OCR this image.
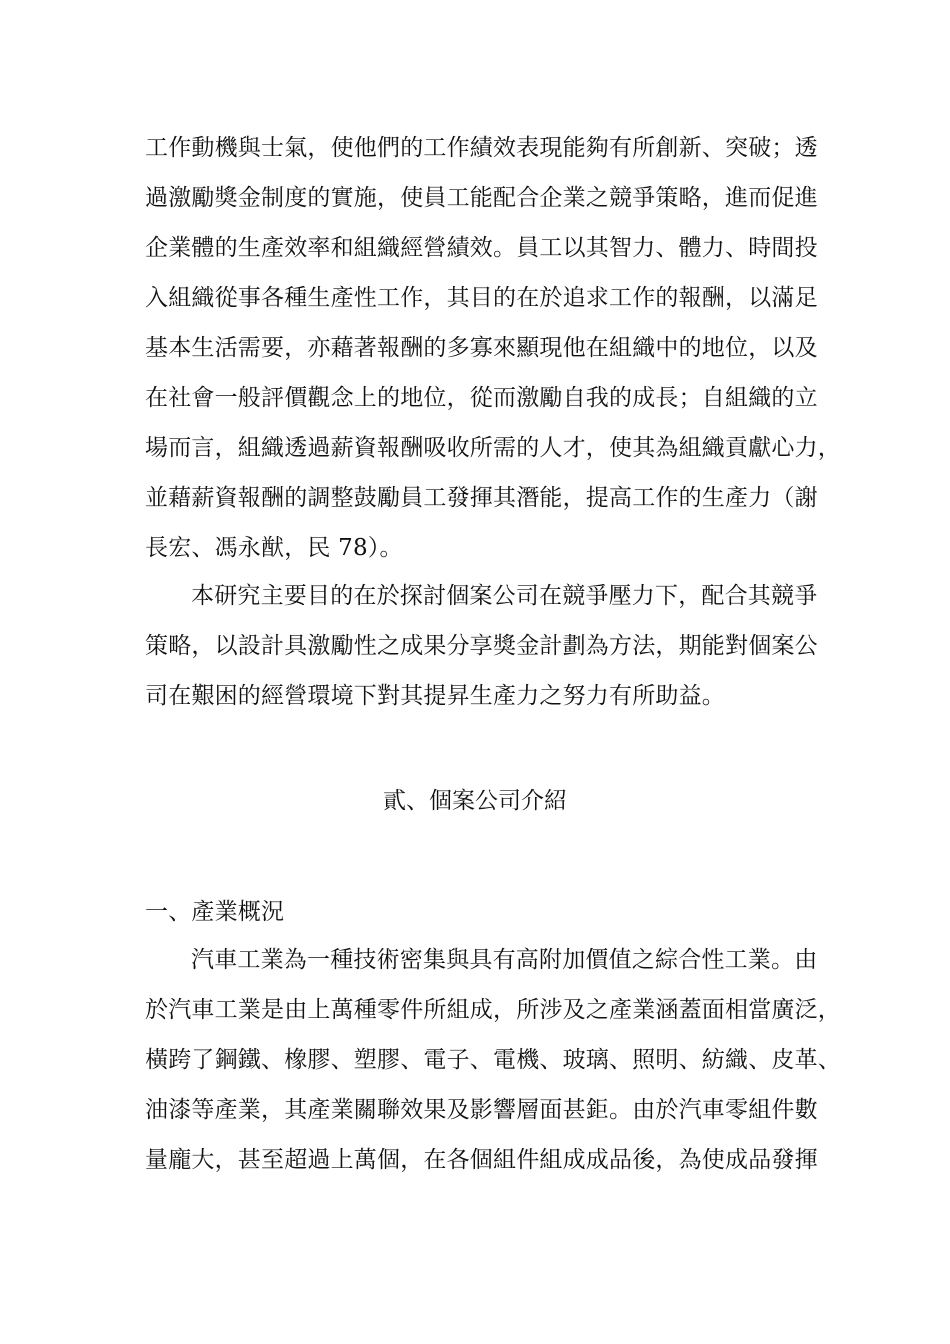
工作動機與士氣，使他們的工作績效表現能夠有所創新、突破；透
過激勵獎金制度的實施，使員工能配合企業之競爭策略，進而促進
企業體的生產效率和組織經營績效。員工以其智力、體力、時間投
入組織從事各種生產性工作，其目的在於追求工作的報酬，以滿足
基本生活需要，亦藉著報酬的多寡來顯現他在組織中的地位，以及
在社會一般評價觀念上的地位，從而激勵自我的成長；自組織的立
場而言，組織透過薪資報酬吸收所需的人才，使其為組織貢獻心力，
並藉薪資報酬的調整鼓勵員工發揮其潛能，提高工作的生產力（謝
長宏、馮永猷，民 78）。
本研究主要目的在於探討個案公司在競爭壓力下，配合其競爭
策略，以設計具激勵性之成果分享獎金計劃為方法，期能對個案公
司在艱困的經營環境下對其提昇生產力之努力有所助益。
貳、個案公司介紹
一、產業概況
汽車工業為一種技術密集與具有高附加價值之綜合性工業。由
於汽車工業是由上萬種零件所組成，所涉及之產業涵蓋面相當廣泛，
橫跨了鋼鐵、橡膠、塑膠、電子、電機、玻璃、照明、紡織、皮革、
油漆等產業，其產業關聯效果及影響層面甚鉅。由於汽車零組件數
量龐大，甚至超過上萬個，在各個組件組成成品後，為使成品發揮
